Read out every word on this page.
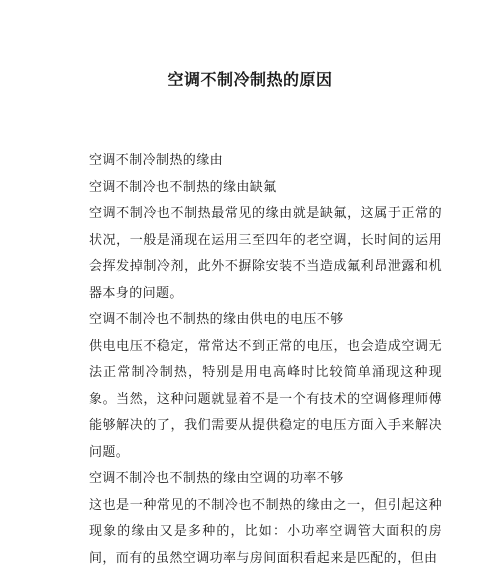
空调不制冷制热的原因

空调不制冷制热的缘由

空调不制冷也不制热的缘由缺氟

空调不制冷也不制热最常见的缘由就是缺氟，这属于正常的状况，一般是涌现在运用三至四年的老空调，长时间的运用会挥发掉制冷剂，此外不摒除安装不当造成氟利昂泄露和机器本身的问题。

空调不制冷也不制热的缘由供电的电压不够

供电电压不稳定，常常达不到正常的电压，也会造成空调无法正常制冷制热，特别是用电高峰时比较简单涌现这种现象。当然，这种问题就显着不是一个有技术的空调修理师傅能够解决的了，我们需要从提供稳定的电压方面入手来解决问题。

空调不制冷也不制热的缘由空调的功率不够

这也是一种常见的不制冷也不制热的缘由之一，但引起这种现象的缘由又是多种的，比如：小功率空调管大面积的房间，而有的虽然空调功率与房间面积看起来是匹配的，但由
